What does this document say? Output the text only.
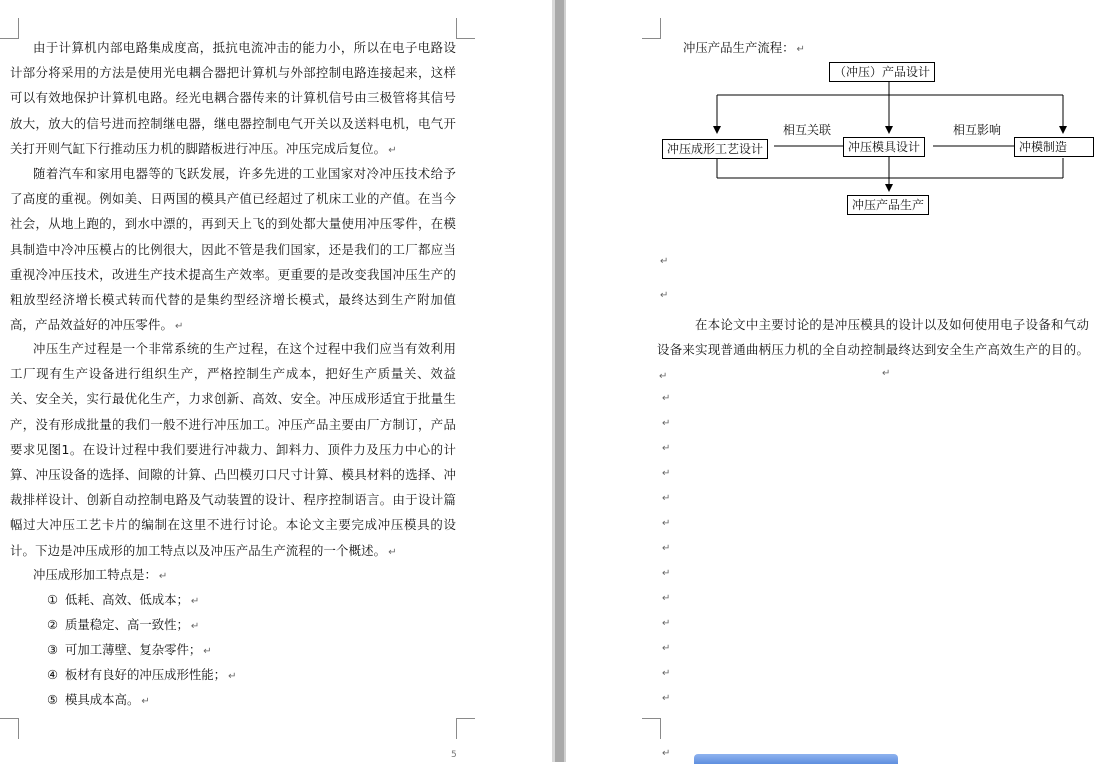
由于计算机内部电路集成度高，抵抗电流冲击的能力小，所以在电子电路设计部分将采用的方法是使用光电耦合器把计算机与外部控制电路连接起来，这样可以有效地保护计算机电路。经光电耦合器传来的计算机信号由三极管将其信号放大，放大的信号进而控制继电器，继电器控制电气开关以及送料电机，电气开关打开则气缸下行推动压力机的脚踏板进行冲压。冲压完成后复位。 ↵

随着汽车和家用电器等的飞跃发展，许多先进的工业国家对冷冲压技术给予了高度的重视。例如美、日两国的模具产值已经超过了机床工业的产值。在当今社会，从地上跑的，到水中漂的，再到天上飞的到处都大量使用冲压零件，在模具制造中冷冲压模占的比例很大，因此不管是我们国家，还是我们的工厂都应当重视冷冲压技术，改进生产技术提高生产效率。更重要的是改变我国冲压生产的粗放型经济增长模式转而代替的是集约型经济增长模式，最终达到生产附加值高，产品效益好的冲压零件。 ↵

冲压生产过程是一个非常系统的生产过程，在这个过程中我们应当有效利用工厂现有生产设备进行组织生产，严格控制生产成本，把好生产质量关、效益关、安全关，实行最优化生产，力求创新、高效、安全。冲压成形适宜于批量生产，没有形成批量的我们一般不进行冲压加工。冲压产品主要由厂方制订，产品要求见图1。在设计过程中我们要进行冲裁力、卸料力、顶件力及压力中心的计算、冲压设备的选择、间隙的计算、凸凹模刃口尺寸计算、模具材料的选择、冲裁排样设计、创新自动控制电路及气动装置的设计、程序控制语言。由于设计篇幅过大冲压工艺卡片的编制在这里不进行讨论。本论文主要完成冲压模具的设计。下边是冲压成形的加工特点以及冲压产品生产流程的一个概述。 ↵

冲压成形加工特点是： ↵
① 低耗、高效、低成本； ↵
② 质量稳定、高一致性； ↵
③ 可加工薄壁、复杂零件； ↵
④ 板材有良好的冲压成形性能； ↵
⑤ 模具成本高。 ↵
5
冲压产品生产流程： ↵
（冲压）产品设计
冲压成形工艺设计	冲压模具设计	冲模制造
冲压产品生产
相互关联	相互影响
↵
↵

在本论文中主要讨论的是冲压模具的设计以及如何使用电子设备和气动设备来实现普通曲柄压力机的全自动控制最终达到安全生产高效生产的目的。↵	↵
↵
↵
↵
↵
↵
↵
↵
↵
↵
↵
↵
↵
↵
↵
